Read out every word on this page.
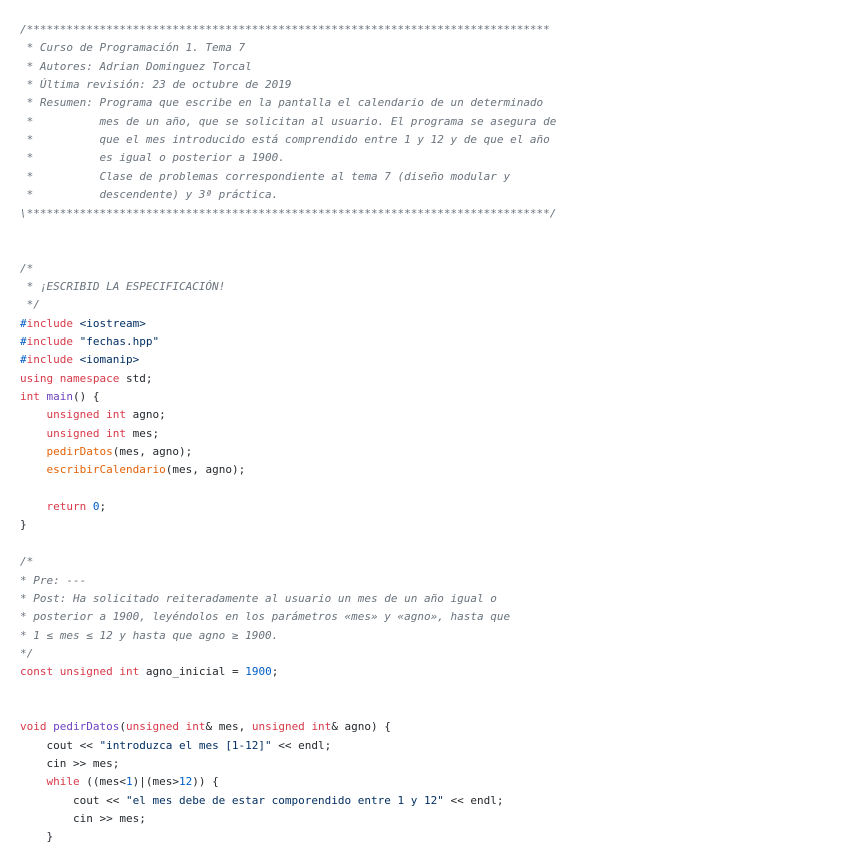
/*******************************************************************************
* Curso de Programación 1. Tema 7
* Autores: Adrian Dominguez Torcal
* Última revisión: 23 de octubre de 2019
* Resumen: Programa que escribe en la pantalla el calendario de un determinado
*          mes de un año, que se solicitan al usuario. El programa se asegura de
*          que el mes introducido está comprendido entre 1 y 12 y de que el año
*          es igual o posterior a 1900.
*          Clase de problemas correspondiente al tema 7 (diseño modular y
*          descendente) y 3ª práctica.
\*******************************************************************************/
/*
* ¡ESCRIBID LA ESPECIFICACIÓN!
*/
#include <iostream>
#include "fechas.hpp"
#include <iomanip>
using namespace std;
int main() {
unsigned int agno;
unsigned int mes;
pedirDatos(mes, agno);
escribirCalendario(mes, agno);
return 0;
}
/*
* Pre: ---
* Post: Ha solicitado reiteradamente al usuario un mes de un año igual o
* posterior a 1900, leyéndolos en los parámetros «mes» y «agno», hasta que
* 1 ≤ mes ≤ 12 y hasta que agno ≥ 1900.
*/
const unsigned int agno_inicial = 1900;
void pedirDatos(unsigned int& mes, unsigned int& agno) {
cout << "introduzca el mes [1-12]" << endl;
cin >> mes;
while ((mes<1)|(mes>12)) {
cout << "el mes debe de estar comporendido entre 1 y 12" << endl;
cin >> mes;
}
